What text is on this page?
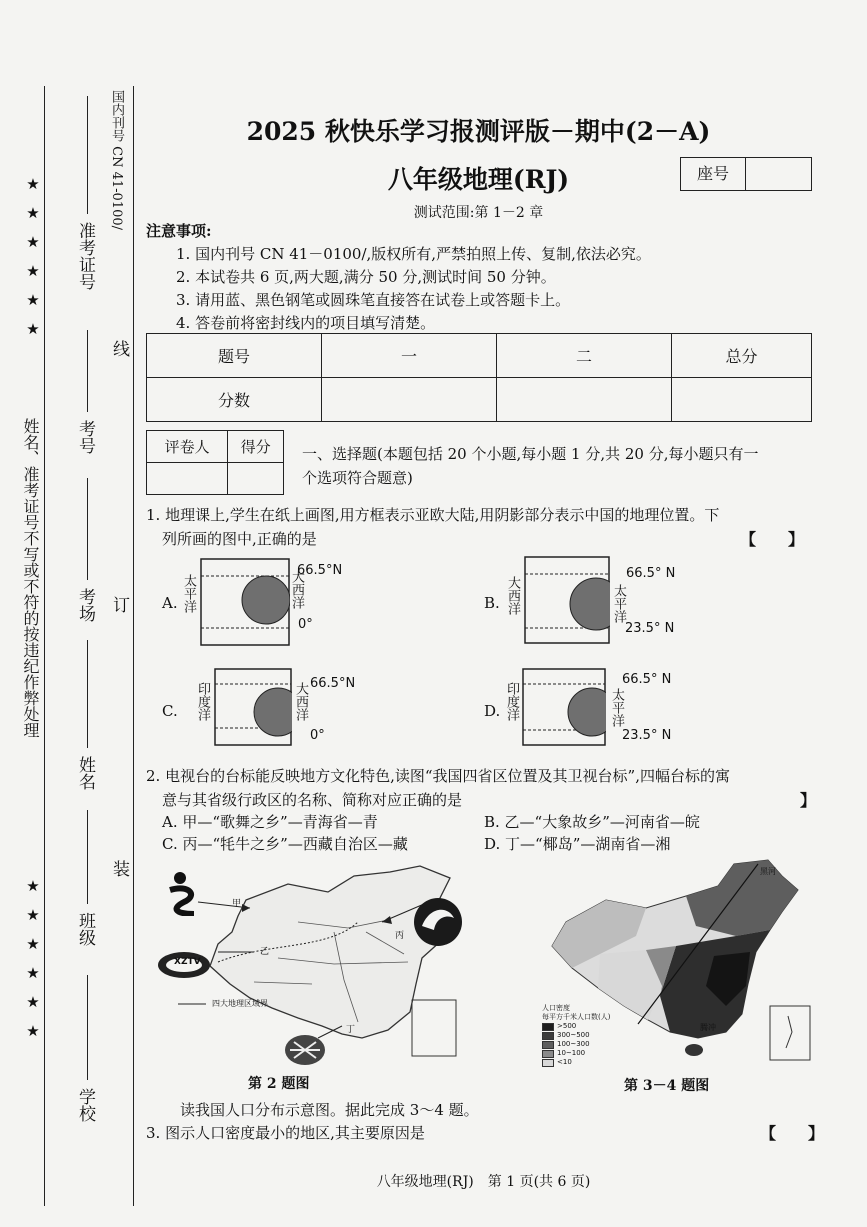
★
★
★
★
★
★
★
★
★
★
★
★
姓名、准考证号不写或不符的按违纪作弊处理
准考证号
考号
考场
姓名
班级
学校
国内刊号 CN 41-0100/
线
订
装
2025 秋快乐学习报测评版－期中(2－A)
八年级地理(RJ)	座号
测试范围:第 1－2 章
注意事项:
1. 国内刊号 CN 41－0100/,版权所有,严禁拍照上传、复制,依法必究。
2. 本试卷共 6 页,两大题,满分 50 分,测试时间 50 分钟。
3. 请用蓝、黑色钢笔或圆珠笔直接答在试卷上或答题卡上。
4. 答卷前将密封线内的项目填写清楚。
题号	一	二	总分
分数			
评卷人	得分
	一、选择题(本题包括 20 个小题,每小题 1 分,共 20 分,每小题只有一
个选项符合题意)
1. 地理课上,学生在纸上画图,用方框表示亚欧大陆,用阴影部分表示中国的地理位置。下
列所画的图中,正确的是	【　　】
A. 太平洋	大西洋
66.5°N
0°
B. 大西洋	太平洋
66.5° N
23.5° N
C. 印度洋	大西洋 66.5°N
0°
D. 印度洋	太平洋
66.5° N
23.5° N
2. 电视台的台标能反映地方文化特色,读图“我国四省区位置及其卫视台标”,四幅台标的寓
意与其省级行政区的名称、简称对应正确的是	】
A. 甲—“歌舞之乡”—青海省—青	B. 乙—“大象故乡”—河南省—皖
C. 丙—“牦牛之乡”—西藏自治区—藏	D. 丁—“椰岛”—湖南省—湘
甲
乙
丙
丁
四大地理区域界
XZTV
第 2 题图
黑河
腾冲
人口密度
每平方千米人口数(人)
>500
300~500
100~300
10~100
<10
第 3－4 题图
读我国人口分布示意图。据此完成 3～4 题。
3. 图示人口密度最小的地区,其主要原因是	【　　】
八年级地理(RJ)　第 1 页(共 6 页)
